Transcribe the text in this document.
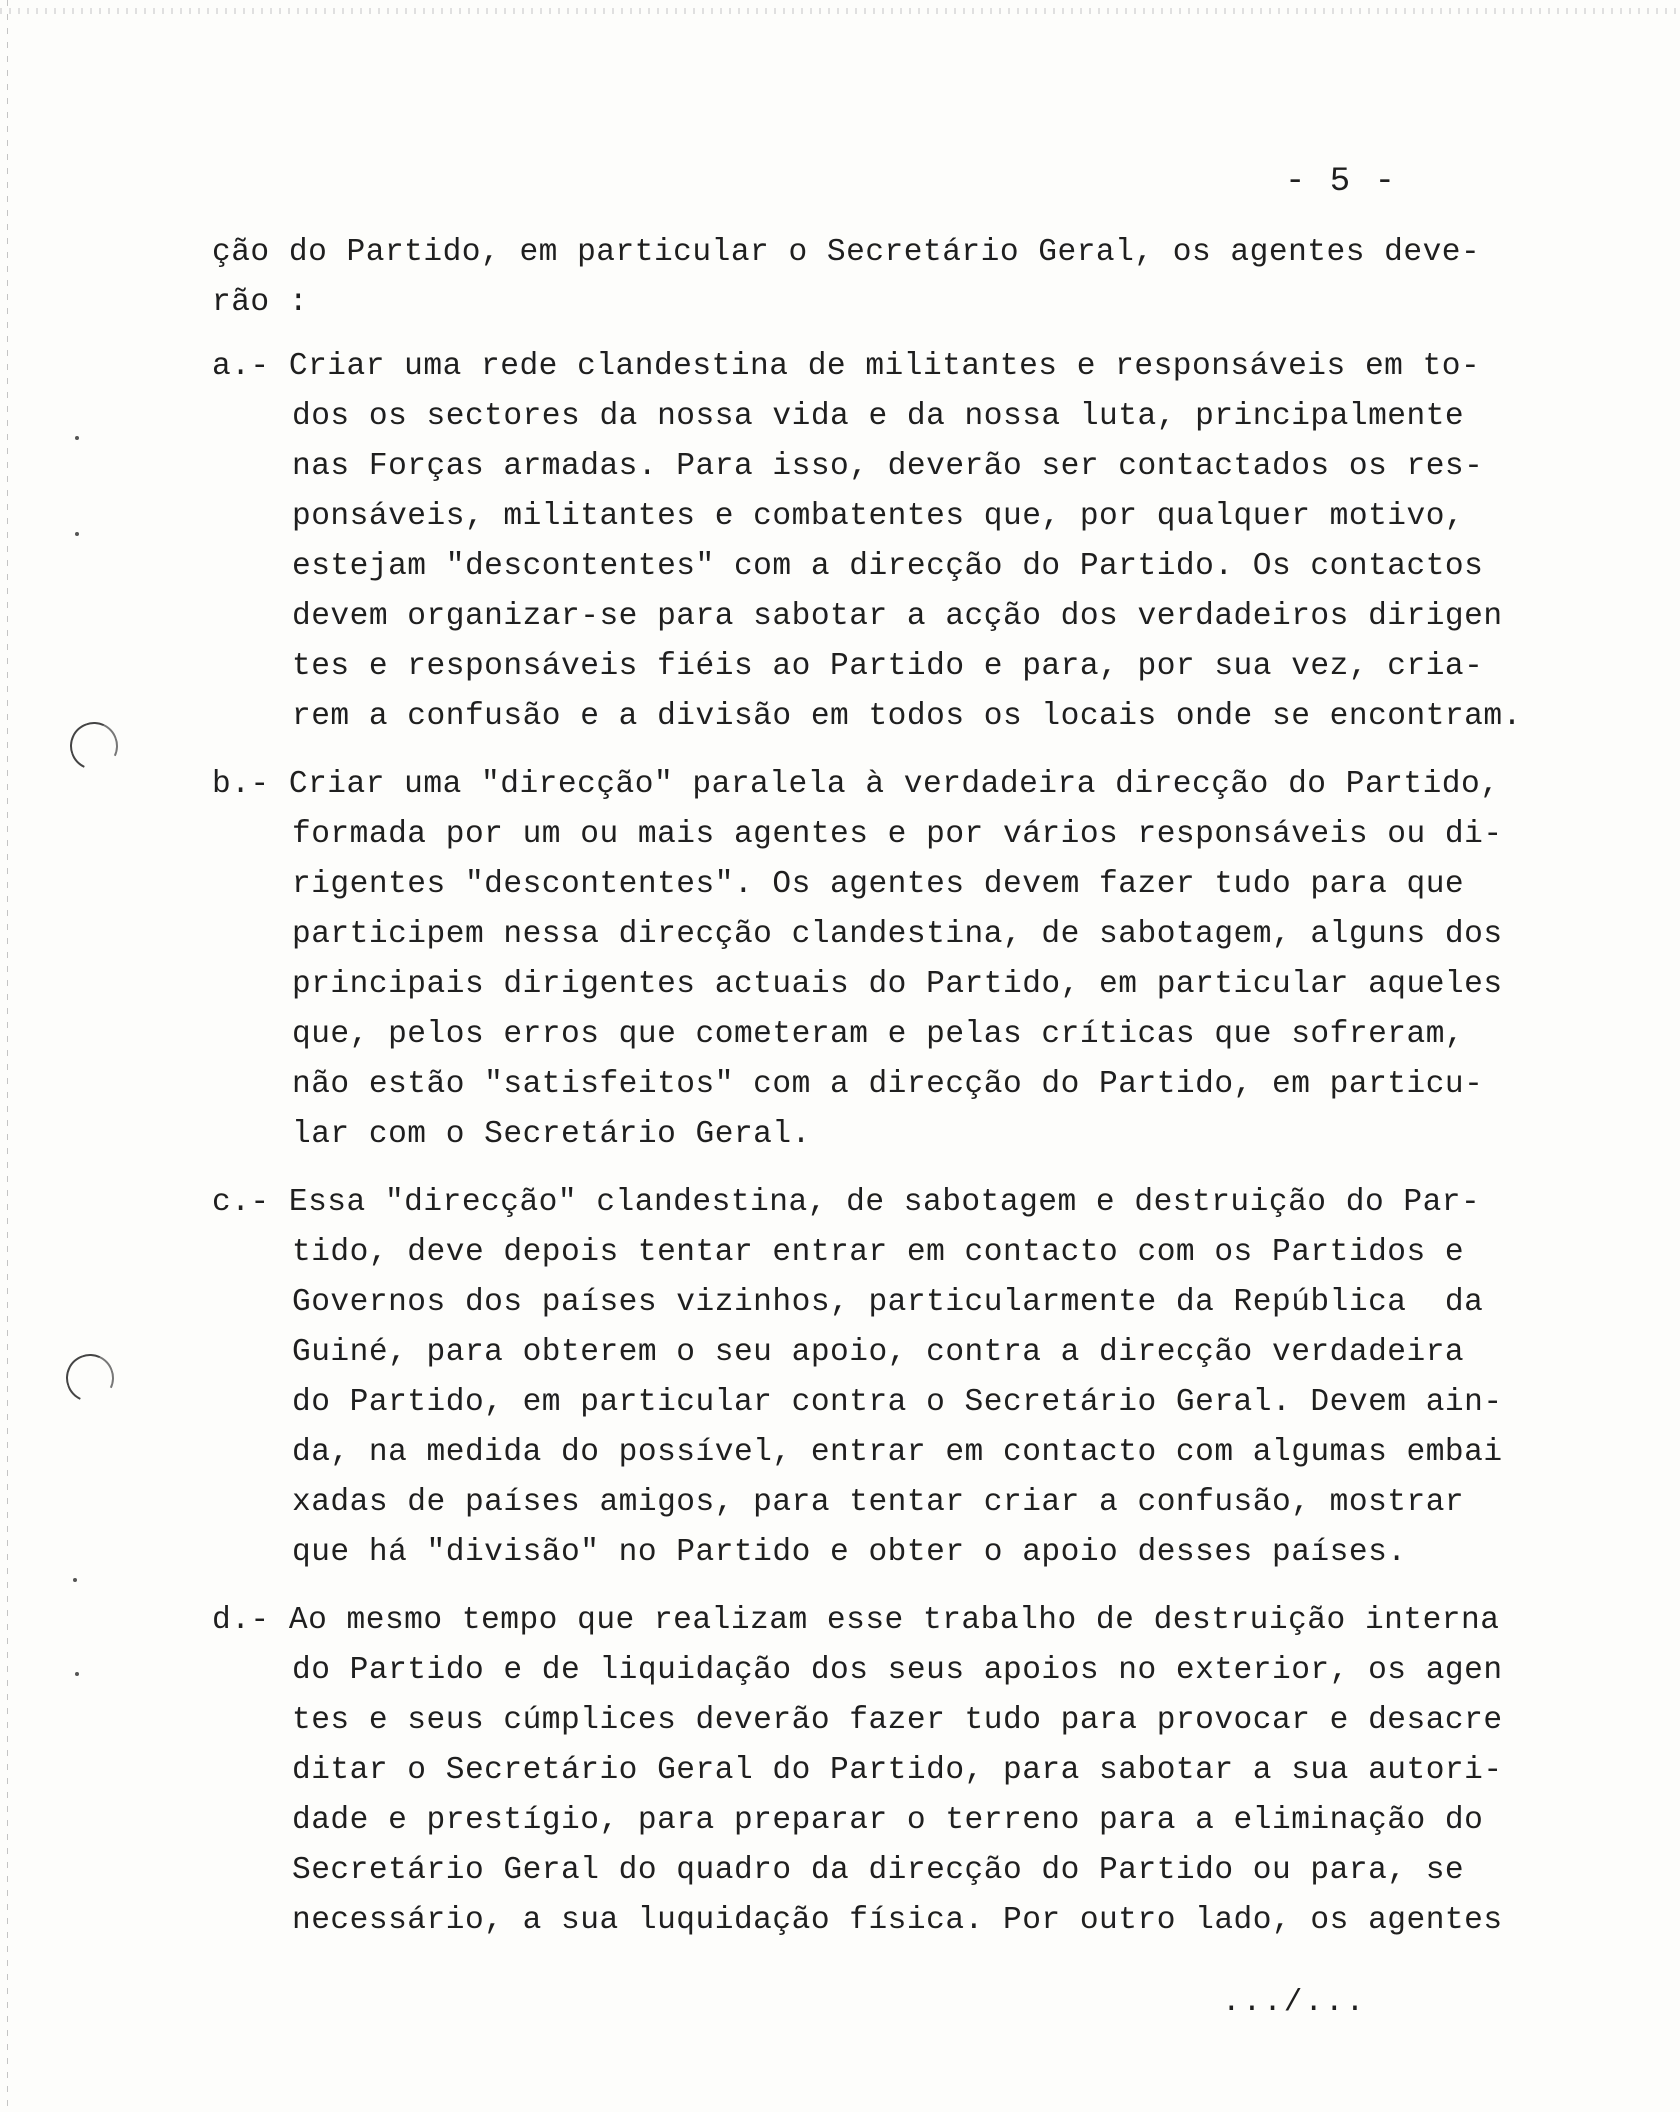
- 5 -
ção do Partido, em particular o Secretário Geral, os agentes deve-
rão :
a.- Criar uma rede clandestina de militantes e responsáveis em to-
dos os sectores da nossa vida e da nossa luta, principalmente
nas Forças armadas. Para isso, deverão ser contactados os res-
ponsáveis, militantes e combatentes que, por qualquer motivo,
estejam "descontentes" com a direcção do Partido. Os contactos
devem organizar-se para sabotar a acção dos verdadeiros dirigen
tes e responsáveis fiéis ao Partido e para, por sua vez, cria-
rem a confusão e a divisão em todos os locais onde se encontram.
b.- Criar uma "direcção" paralela à verdadeira direcção do Partido,
formada por um ou mais agentes e por vários responsáveis ou di-
rigentes "descontentes". Os agentes devem fazer tudo para que
participem nessa direcção clandestina, de sabotagem, alguns dos
principais dirigentes actuais do Partido, em particular aqueles
que, pelos erros que cometeram e pelas críticas que sofreram,
não estão "satisfeitos" com a direcção do Partido, em particu-
lar com o Secretário Geral.
c.- Essa "direcção" clandestina, de sabotagem e destruição do Par-
tido, deve depois tentar entrar em contacto com os Partidos e
Governos dos países vizinhos, particularmente da República  da
Guiné, para obterem o seu apoio, contra a direcção verdadeira
do Partido, em particular contra o Secretário Geral. Devem ain-
da, na medida do possível, entrar em contacto com algumas embai
xadas de países amigos, para tentar criar a confusão, mostrar
que há "divisão" no Partido e obter o apoio desses países.
d.- Ao mesmo tempo que realizam esse trabalho de destruição interna
do Partido e de liquidação dos seus apoios no exterior, os agen
tes e seus cúmplices deverão fazer tudo para provocar e desacre
ditar o Secretário Geral do Partido, para sabotar a sua autori-
dade e prestígio, para preparar o terreno para a eliminação do
Secretário Geral do quadro da direcção do Partido ou para, se
necessário, a sua luquidação física. Por outro lado, os agentes
.../...
